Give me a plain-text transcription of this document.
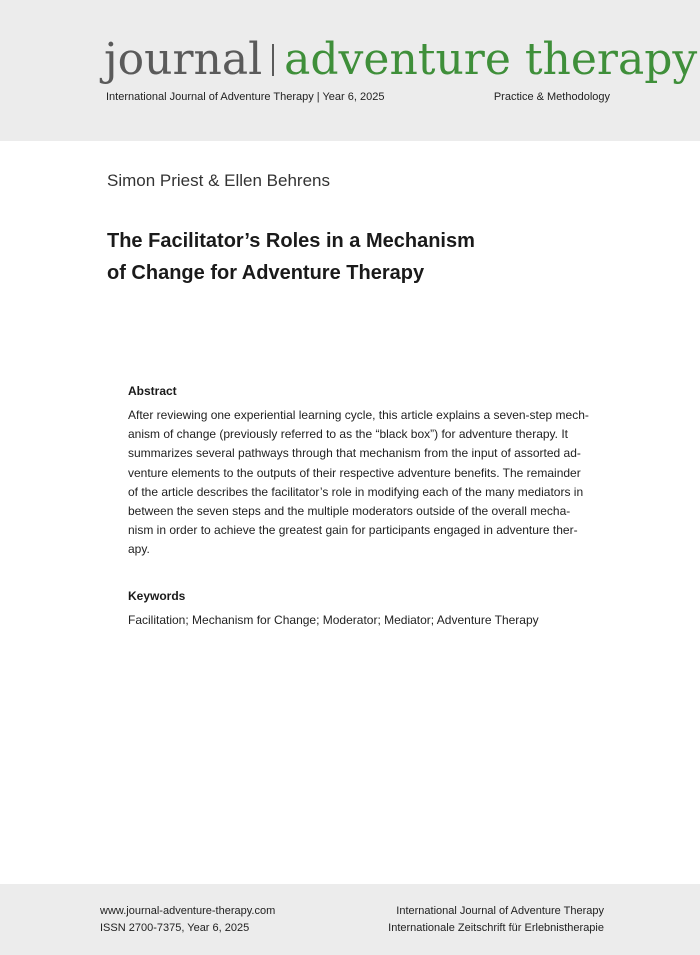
journal adventure therapy
International Journal of Adventure Therapy | Year 6, 2025	Practice & Methodology
Simon Priest & Ellen Behrens
The Facilitator’s Roles in a Mechanism
of Change for Adventure Therapy
Abstract
After reviewing one experiential learning cycle, this article explains a seven-step mech-
anism of change (previously referred to as the “black box”) for adventure therapy. It
summarizes several pathways through that mechanism from the input of assorted ad-
venture elements to the outputs of their respective adventure benefits. The remainder
of the article describes the facilitator’s role in modifying each of the many mediators in
between the seven steps and the multiple moderators outside of the overall mecha-
nism in order to achieve the greatest gain for participants engaged in adventure ther-
apy.
Keywords
Facilitation; Mechanism for Change; Moderator; Mediator; Adventure Therapy
www.journal-adventure-therapy.com
ISSN 2700-7375, Year 6, 2025
International Journal of Adventure Therapy
Internationale Zeitschrift für Erlebnistherapie
